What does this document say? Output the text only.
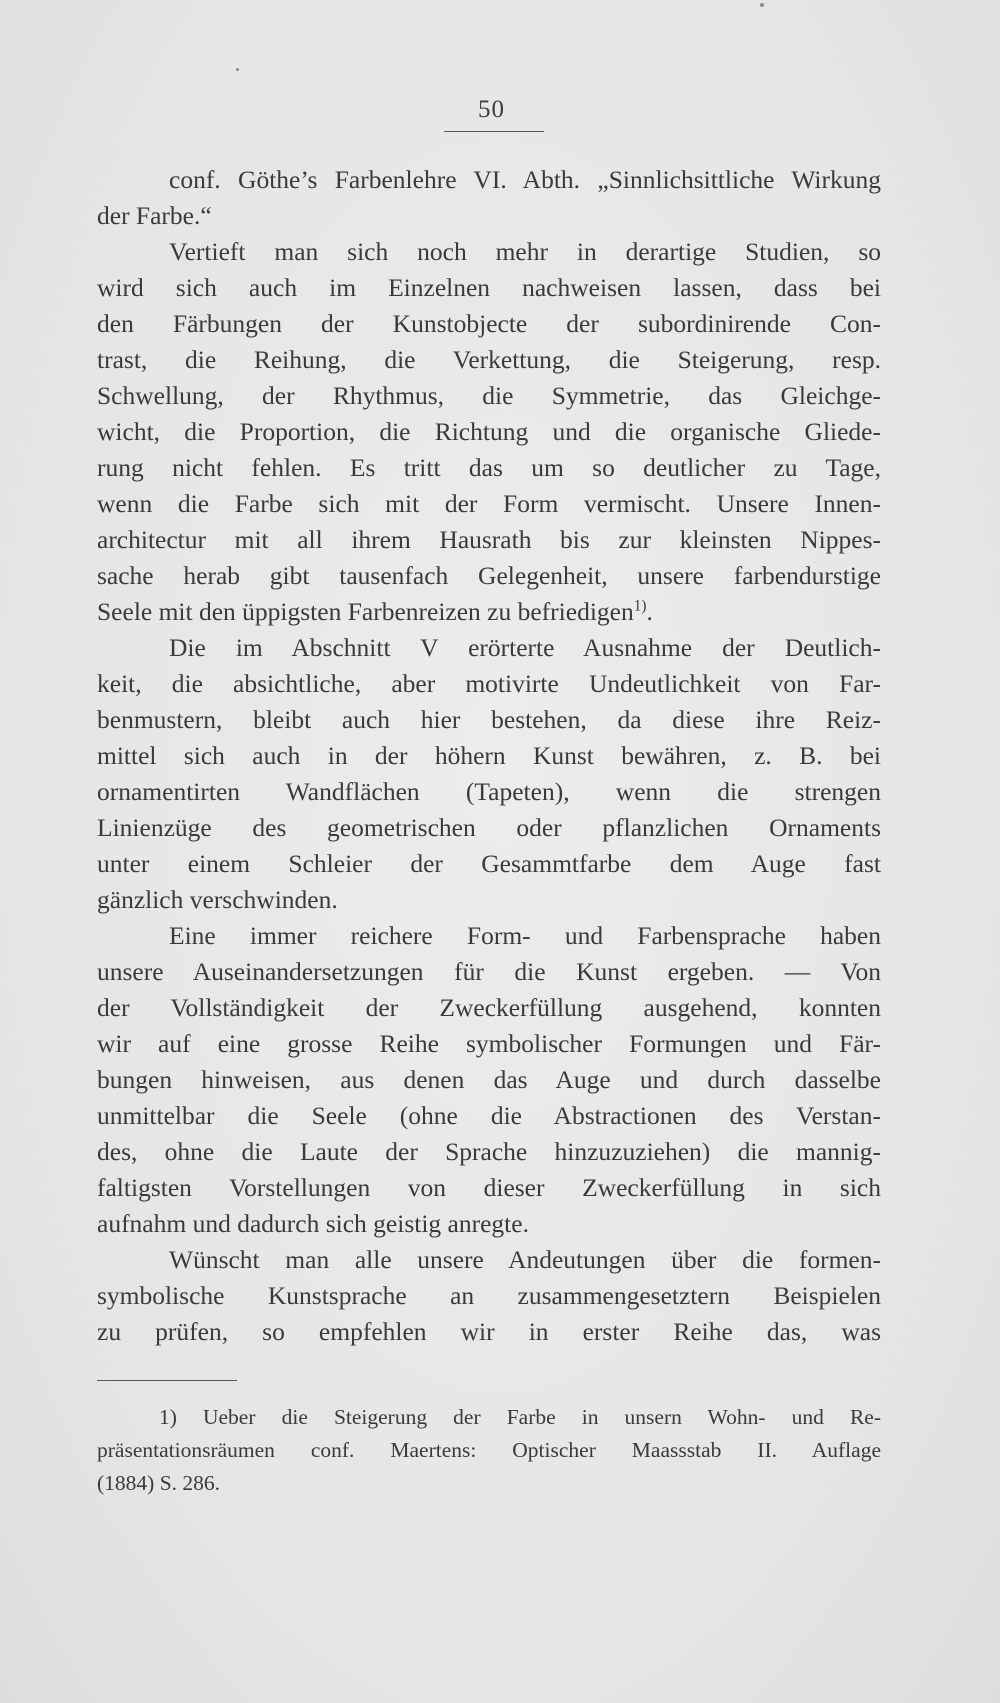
50
conf. Göthe’s Farbenlehre VI. Abth. „Sinnlichsittliche Wirkung
der Farbe.“
Vertieft man sich noch mehr in derartige Studien, so
wird sich auch im Einzelnen nachweisen lassen, dass bei
den Färbungen der Kunstobjecte der subordinirende Con-
trast, die Reihung, die Verkettung, die Steigerung, resp.
Schwellung, der Rhythmus, die Symmetrie, das Gleichge-
wicht, die Proportion, die Richtung und die organische Gliede-
rung nicht fehlen. Es tritt das um so deutlicher zu Tage,
wenn die Farbe sich mit der Form vermischt. Unsere Innen-
architectur mit all ihrem Hausrath bis zur kleinsten Nippes-
sache herab gibt tausenfach Gelegenheit, unsere farbendurstige
Seele mit den üppigsten Farbenreizen zu befriedigen$^{1)}$.
Die im Abschnitt V erörterte Ausnahme der Deutlich-
keit, die absichtliche, aber motivirte Undeutlichkeit von Far-
benmustern, bleibt auch hier bestehen, da diese ihre Reiz-
mittel sich auch in der höhern Kunst bewähren, z. B. bei
ornamentirten Wandflächen (Tapeten), wenn die strengen
Linienzüge des geometrischen oder pflanzlichen Ornaments
unter einem Schleier der Gesammtfarbe dem Auge fast
gänzlich verschwinden.
Eine immer reichere Form- und Farbensprache haben
unsere Auseinandersetzungen für die Kunst ergeben. — Von
der Vollständigkeit der Zweckerfüllung ausgehend, konnten
wir auf eine grosse Reihe symbolischer Formungen und Fär-
bungen hinweisen, aus denen das Auge und durch dasselbe
unmittelbar die Seele (ohne die Abstractionen des Verstan-
des, ohne die Laute der Sprache hinzuzuziehen) die mannig-
faltigsten Vorstellungen von dieser Zweckerfüllung in sich
aufnahm und dadurch sich geistig anregte.
Wünscht man alle unsere Andeutungen über die formen-
symbolische Kunstsprache an zusammengesetztern Beispielen
zu prüfen, so empfehlen wir in erster Reihe das, was
1) Ueber die Steigerung der Farbe in unsern Wohn- und Re-
präsentationsräumen conf. Maertens: Optischer Maassstab II. Auflage
(1884) S. 286.
